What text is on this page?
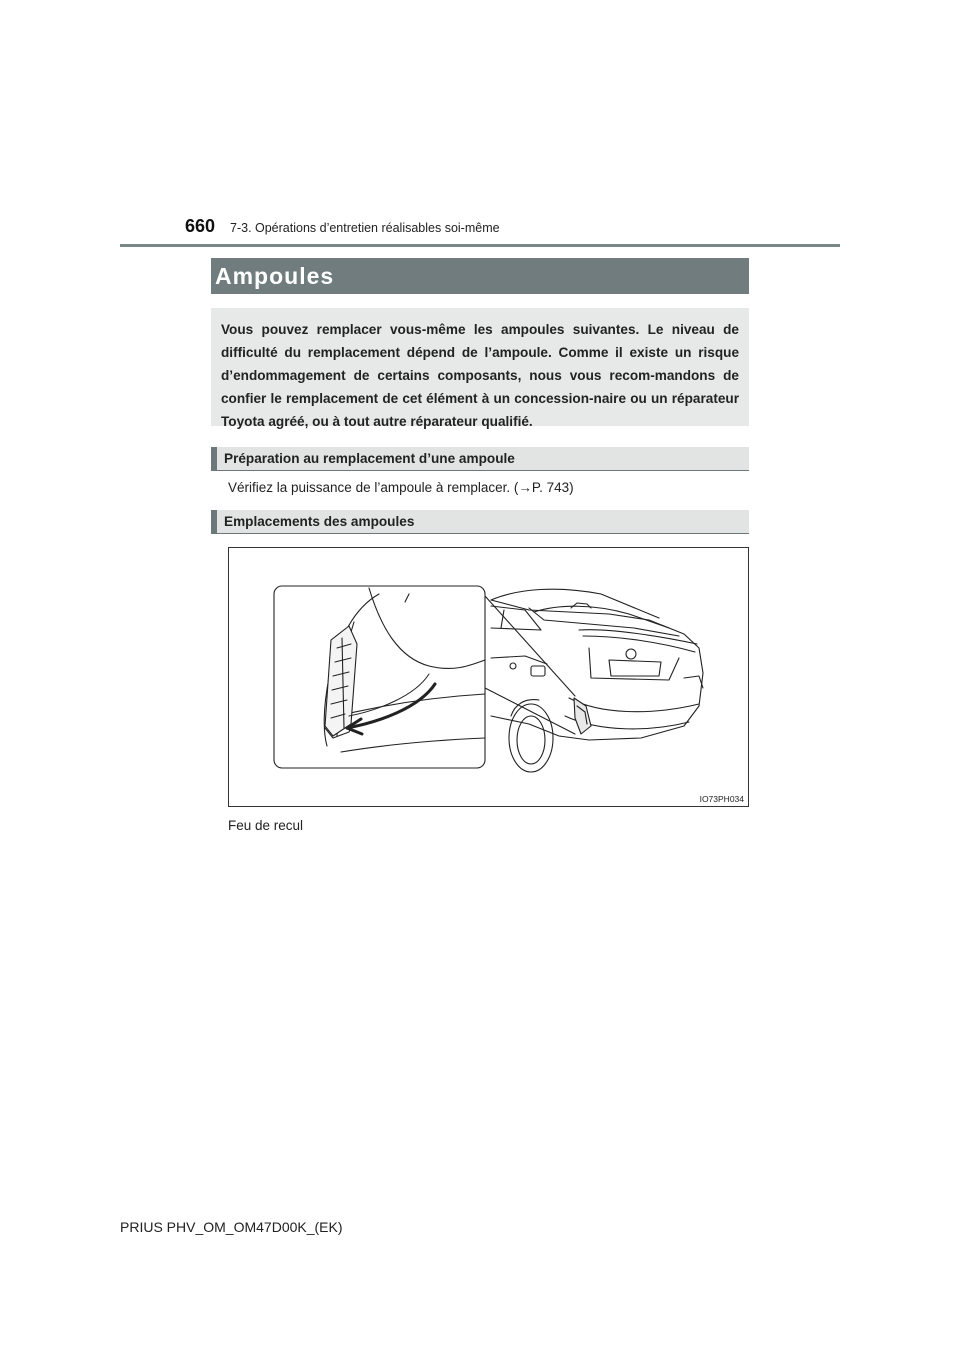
660 7-3. Opérations d’entretien réalisables soi-même
Ampoules
Vous pouvez remplacer vous-même les ampoules suivantes. Le niveau de difficulté du remplacement dépend de l’ampoule. Comme il existe un risque d’endommagement de certains composants, nous vous recom-mandons de confier le remplacement de cet élément à un concession-naire ou un réparateur Toyota agréé, ou à tout autre réparateur qualifié.
Préparation au remplacement d’une ampoule
Vérifiez la puissance de l’ampoule à remplacer. (→P. 743)
Emplacements des ampoules
IO73PH034
Feu de recul
PRIUS PHV_OM_OM47D00K_(EK)
